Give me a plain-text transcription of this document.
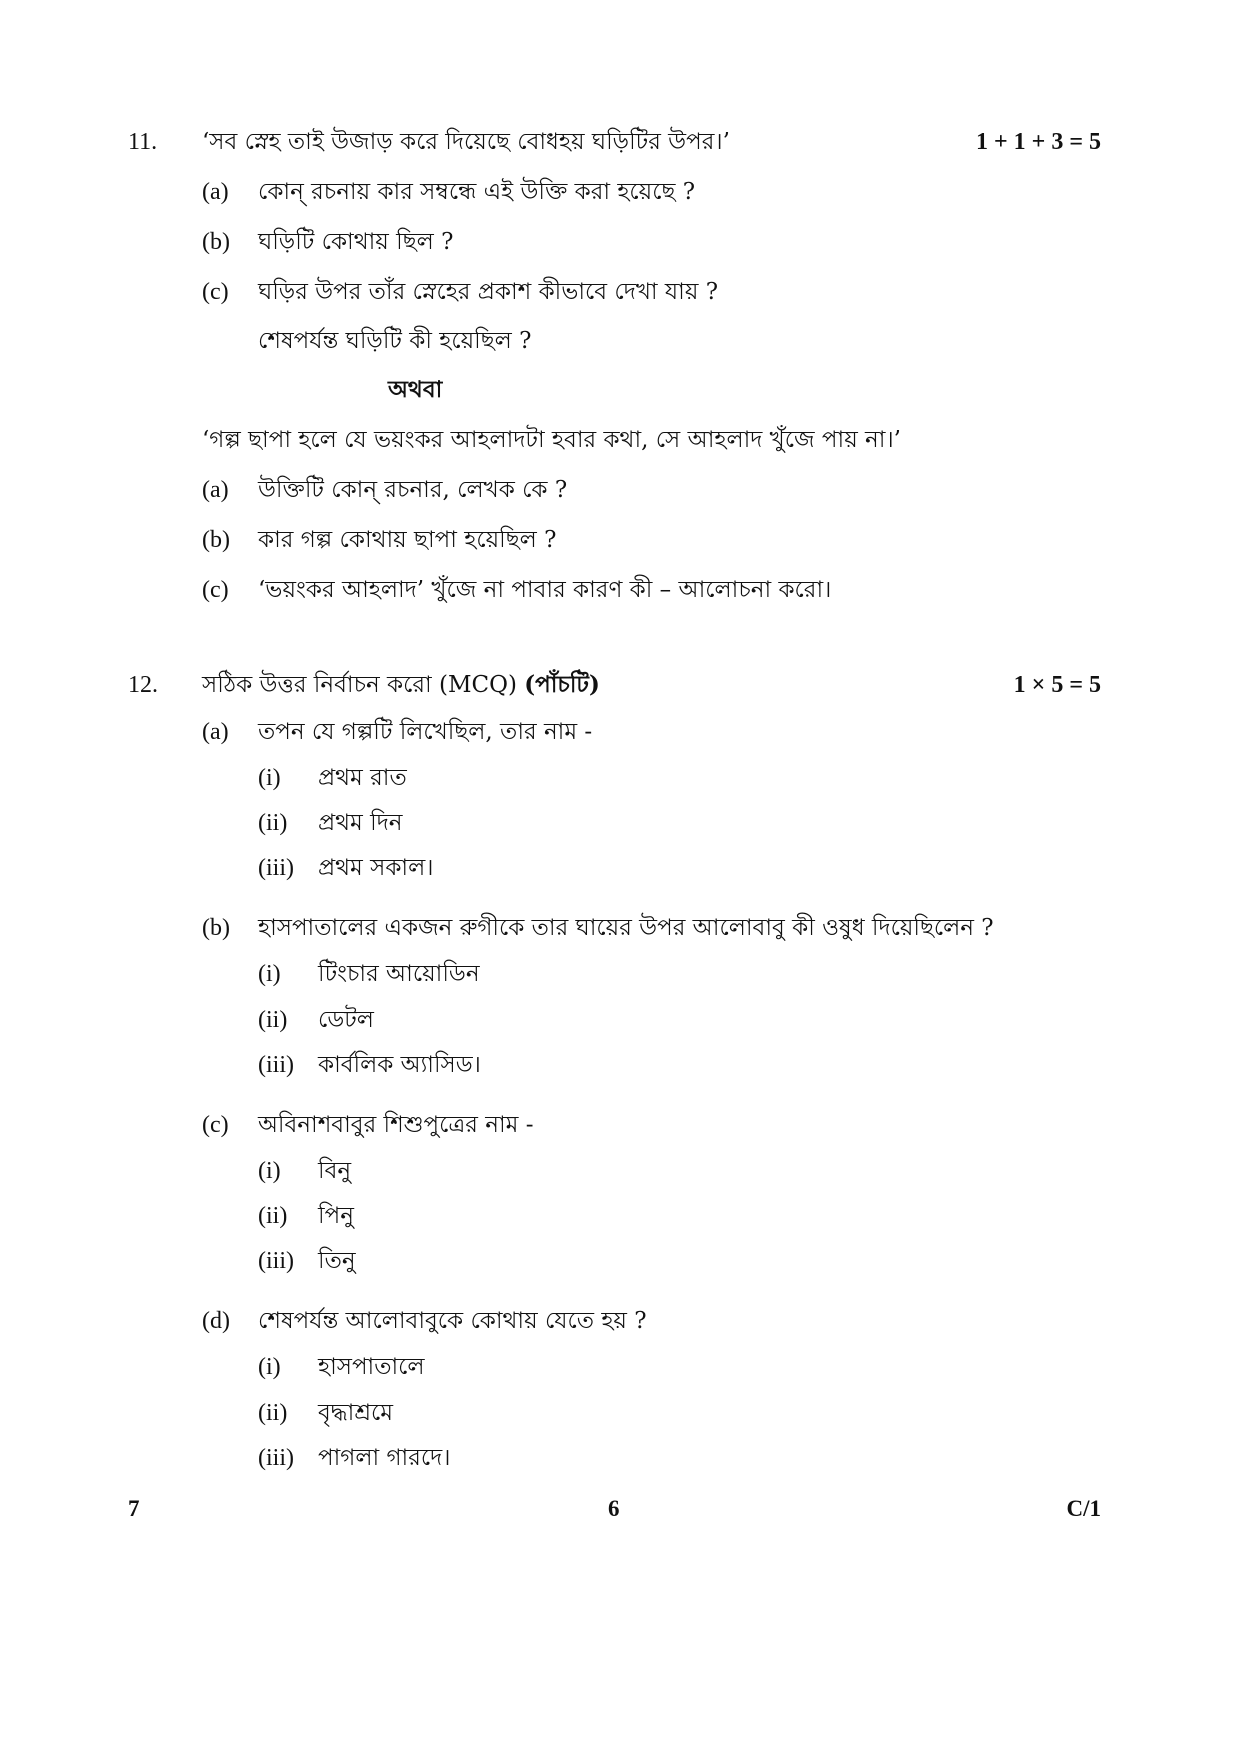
11. ‘সব স্নেহ তাই উজাড় করে দিয়েছে বোধহয় ঘড়িটির উপর।’	1 + 1 + 3 = 5
(a) কোন্ রচনায় কার সম্বন্ধে এই উক্তি করা হয়েছে ?
(b) ঘড়িটি কোথায় ছিল ?
(c) ঘড়ির উপর তাঁর স্নেহের প্রকাশ কীভাবে দেখা যায় ?
শেষপর্যন্ত ঘড়িটি কী হয়েছিল ?
অথবা
‘গল্প ছাপা হলে যে ভয়ংকর আহলাদটা হবার কথা, সে আহলাদ খুঁজে পায় না।’
(a) উক্তিটি কোন্ রচনার, লেখক কে ?
(b) কার গল্প কোথায় ছাপা হয়েছিল ?
(c) ‘ভয়ংকর আহলাদ’ খুঁজে না পাবার কারণ কী – আলোচনা করো।
12. সঠিক উত্তর নির্বাচন করো (MCQ) (পাঁচটি)	1 × 5 = 5
(a) তপন যে গল্পটি লিখেছিল, তার নাম -
(i) প্রথম রাত
(ii) প্রথম দিন
(iii) প্রথম সকাল।
(b) হাসপাতালের একজন রুগীকে তার ঘায়ের উপর আলোবাবু কী ওষুধ দিয়েছিলেন ?
(i) টিংচার আয়োডিন
(ii) ডেটল
(iii) কার্বলিক অ্যাসিড।
(c) অবিনাশবাবুর শিশুপুত্রের নাম -
(i) বিনু
(ii) পিনু
(iii) তিনু
(d) শেষপর্যন্ত আলোবাবুকে কোথায় যেতে হয় ?
(i) হাসপাতালে
(ii) বৃদ্ধাশ্রমে
(iii) পাগলা গারদে।
7	6	C/1
